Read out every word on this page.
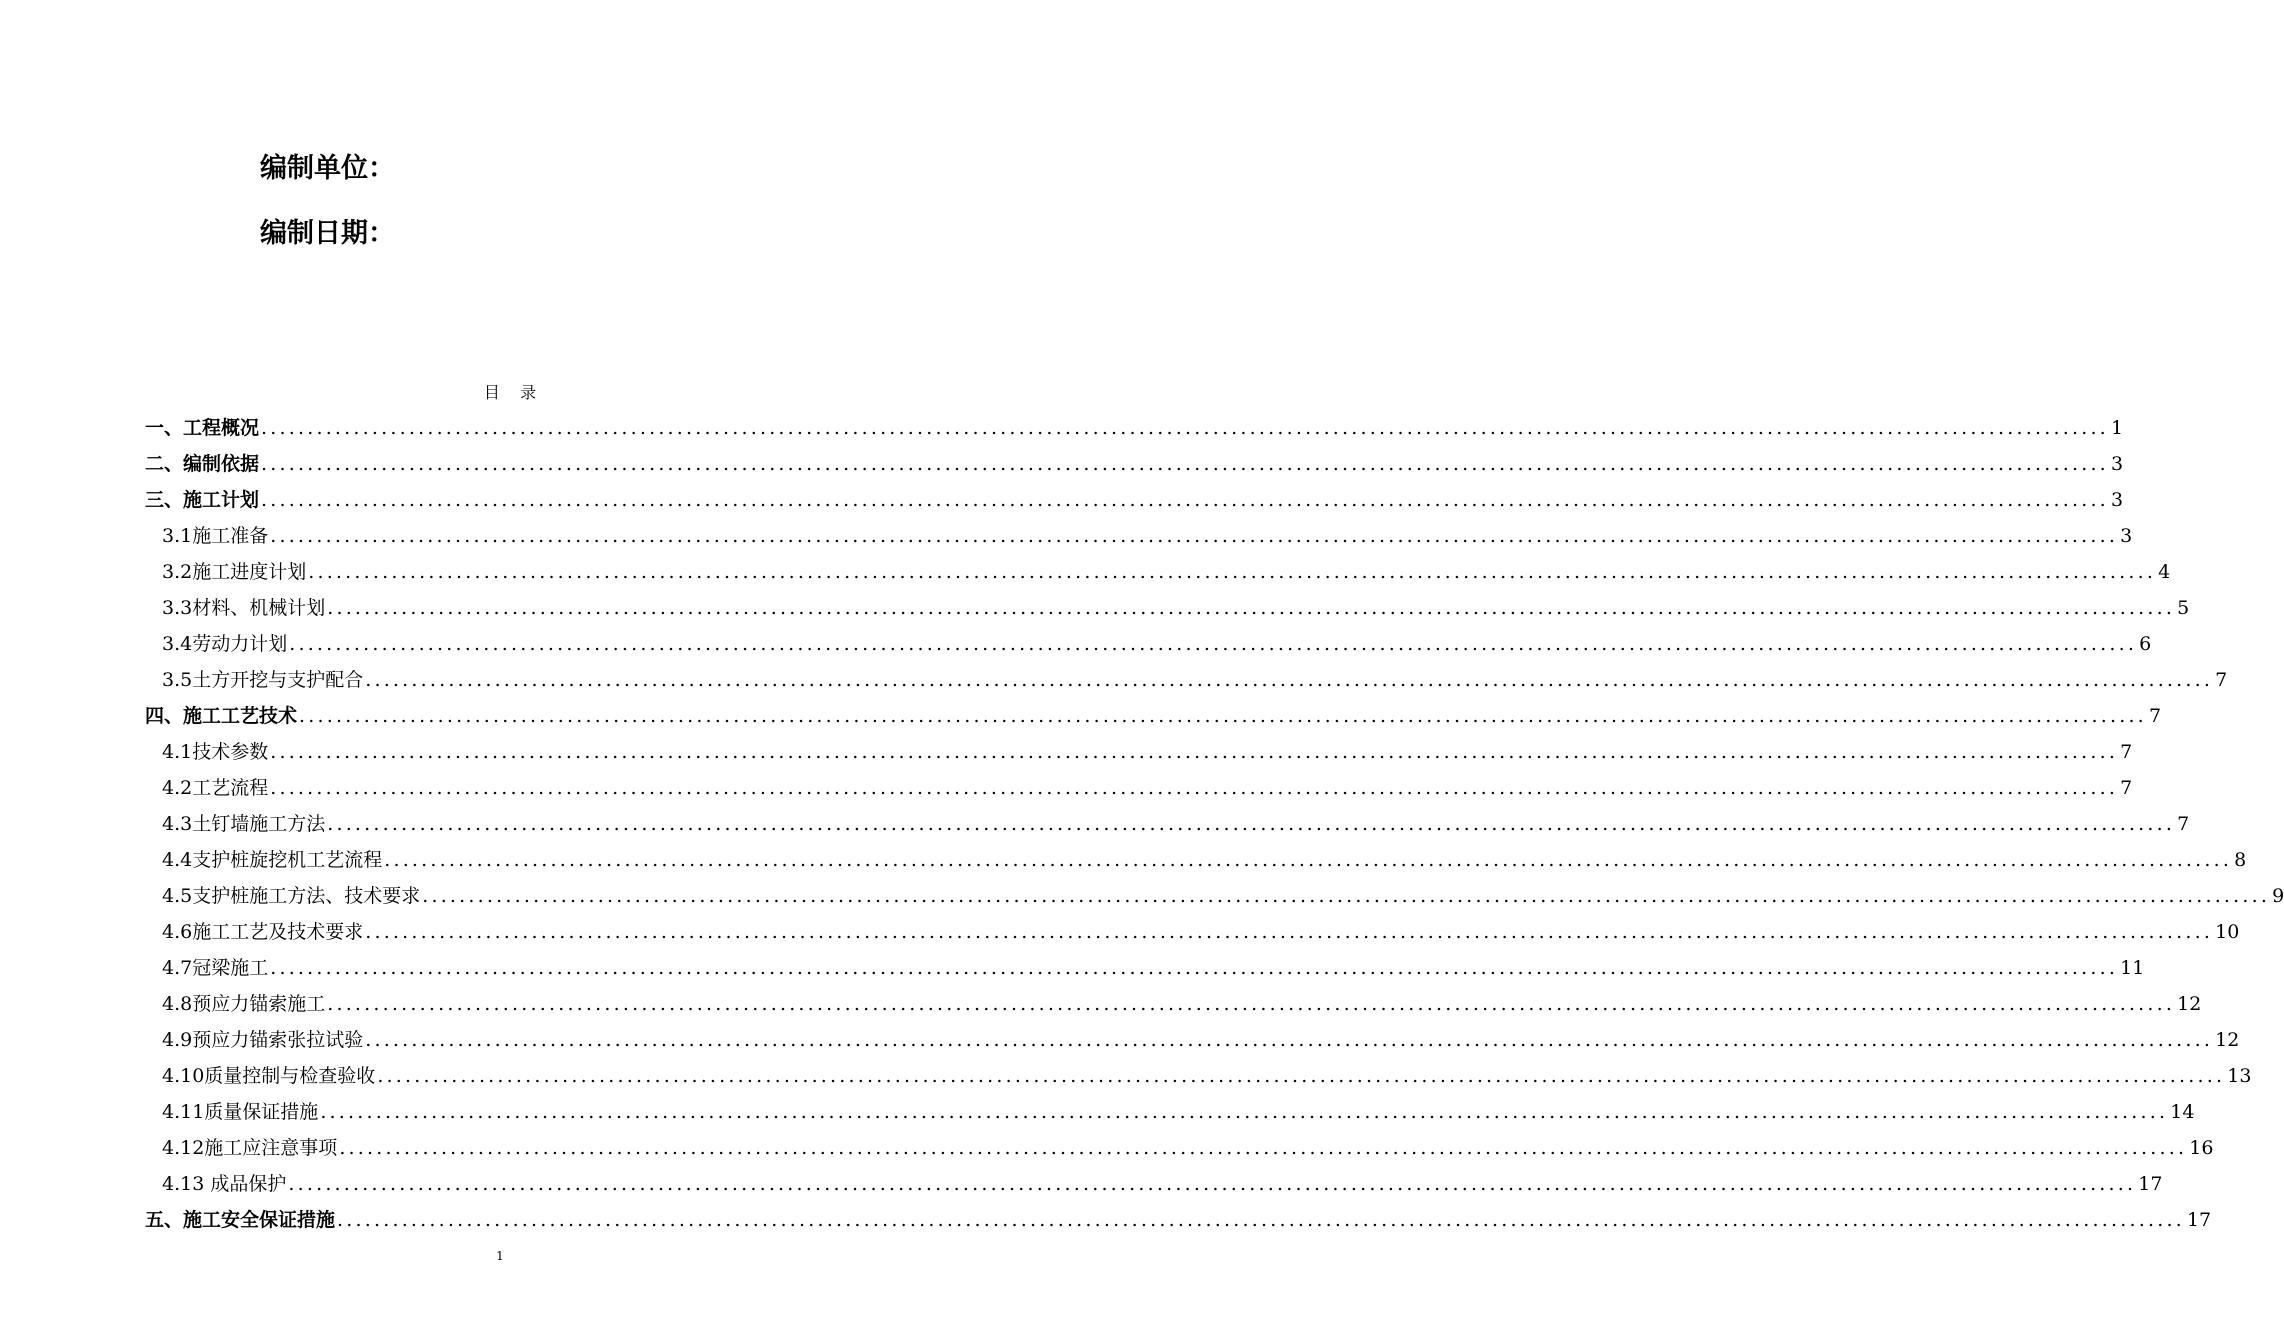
编制单位：
编制日期：
目    录
一、工程概况 ........................................................................................................................................................................................................ 1
二、编制依据 ........................................................................................................................................................................................................ 3
三、施工计划 ........................................................................................................................................................................................................ 3
3.1施工准备 ........................................................................................................................................................................................................ 3
3.2施工进度计划 ........................................................................................................................................................................................................ 4
3.3材料、机械计划 ........................................................................................................................................................................................................ 5
3.4劳动力计划 ........................................................................................................................................................................................................ 6
3.5土方开挖与支护配合 ........................................................................................................................................................................................................ 7
四、施工工艺技术 ........................................................................................................................................................................................................ 7
4.1技术参数 ........................................................................................................................................................................................................ 7
4.2工艺流程 ........................................................................................................................................................................................................ 7
4.3土钉墙施工方法 ........................................................................................................................................................................................................ 7
4.4支护桩旋挖机工艺流程 ........................................................................................................................................................................................................ 8
4.5支护桩施工方法、技术要求 ........................................................................................................................................................................................................ 9
4.6施工工艺及技术要求 ........................................................................................................................................................................................................ 10
4.7冠梁施工 ........................................................................................................................................................................................................ 11
4.8预应力锚索施工 ........................................................................................................................................................................................................ 12
4.9预应力锚索张拉试验 ........................................................................................................................................................................................................ 12
4.10质量控制与检查验收 ........................................................................................................................................................................................................ 13
4.11质量保证措施 ........................................................................................................................................................................................................ 14
4.12施工应注意事项 ........................................................................................................................................................................................................ 16
4.13 成品保护 ........................................................................................................................................................................................................ 17
五、施工安全保证措施 ........................................................................................................................................................................................................ 17
1
